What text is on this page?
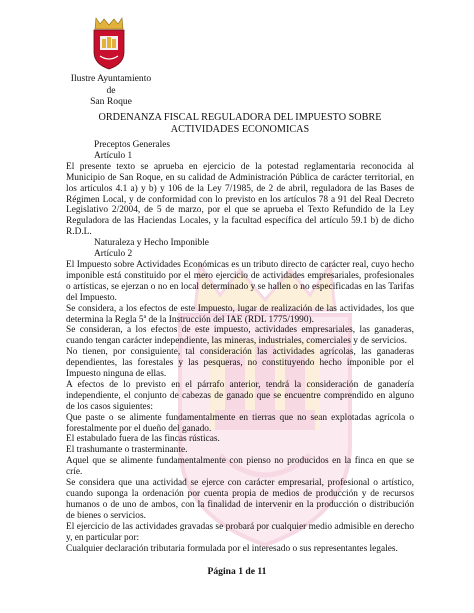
Ilustre Ayuntamiento
de
San Roque
ORDENANZA FISCAL REGULADORA DEL IMPUESTO SOBRE ACTIVIDADES ECONOMICAS

Preceptos Generales

Artículo 1

El presente texto se aprueba en ejercicio de la potestad reglamentaria reconocida al Municipio de San Roque, en su calidad de Administración Pública de carácter territorial, en los artículos 4.1 a) y b) y 106 de la Ley 7/1985, de 2 de abril, reguladora de las Bases de Régimen Local, y de conformidad con lo previsto en los artículos 78 a 91 del Real Decreto Legislativo 2/2004, de 5 de marzo, por el que se aprueba el Texto Refundido de la Ley Reguladora de las Haciendas Locales, y la facultad específica del artículo 59.1 b) de dicho R.D.L.

Naturaleza y Hecho Imponible

Artículo 2

El Impuesto sobre Actividades Económicas es un tributo directo de carácter real, cuyo hecho imponible está constituido por el mero ejercicio de actividades empresariales, profesionales o artísticas, se ejerzan o no en local determinado y se hallen o no especificadas en las Tarifas del Impuesto.

Se considera, a los efectos de este Impuesto, lugar de realización de las actividades, los que determina la Regla 5ª de la Instrucción del IAE (RDL 1775/1990).

Se consideran, a los efectos de este impuesto, actividades empresariales, las ganaderas, cuando tengan carácter independiente, las mineras, industriales, comerciales y de servicios.

No tienen, por consiguiente, tal consideración las actividades agrícolas, las ganaderas dependientes, las forestales y las pesqueras, no constituyendo hecho imponible por el Impuesto ninguna de ellas.

A efectos de lo previsto en el párrafo anterior, tendrá la consideración de ganadería independiente, el conjunto de cabezas de ganado que se encuentre comprendido en alguno de los casos siguientes:

Que paste o se alimente fundamentalmente en tierras que no sean explotadas agrícola o forestalmente por el dueño del ganado.

El estabulado fuera de las fincas rústicas.

El trashumante o trasterminante.

Aquel que se alimente fundamentalmente con pienso no producidos en la finca en que se críe.

Se considera que una actividad se ejerce con carácter empresarial, profesional o artístico, cuando suponga la ordenación por cuenta propia de medios de producción y de recursos humanos o de uno de ambos, con la finalidad de intervenir en la producción o distribución de bienes o servicios.

El ejercicio de las actividades gravadas se probará por cualquier medio admisible en derecho y, en particular por:

Cualquier declaración tributaria formulada por el interesado o sus representantes legales.

Página 1 de 11
